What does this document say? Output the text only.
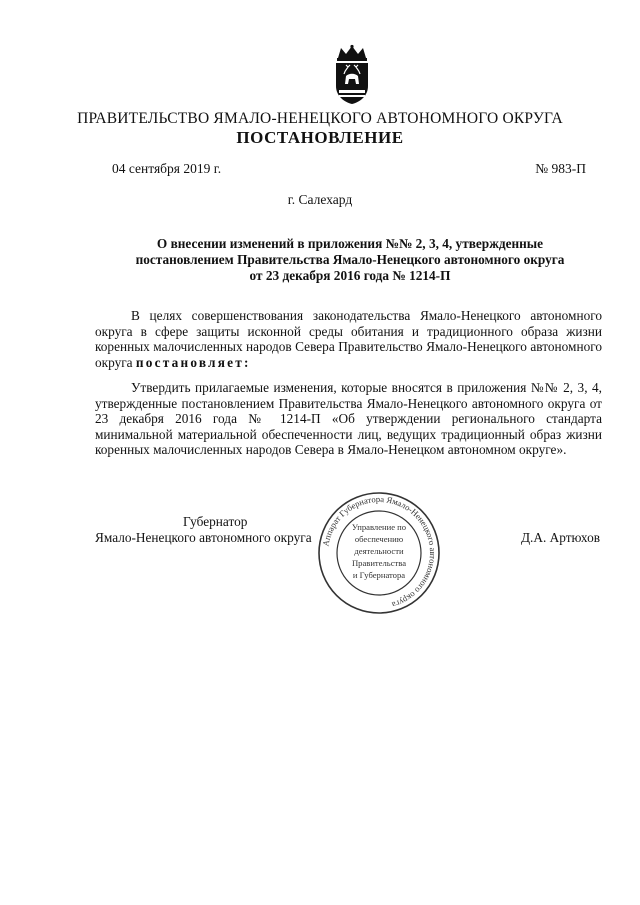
ПРАВИТЕЛЬСТВО ЯМАЛО-НЕНЕЦКОГО АВТОНОМНОГО ОКРУГА
ПОСТАНОВЛЕНИЕ
04 сентября 2019 г.	№ 983-П
г. Салехард
О внесении изменений в приложения №№ 2, 3, 4, утвержденные
постановлением Правительства Ямало-Ненецкого автономного округа
от 23 декабря 2016 года № 1214-П
В целях совершенствования законодательства Ямало-Ненецкого автономного округа в сфере защиты исконной среды обитания и традиционного образа жизни коренных малочисленных народов Севера Правительство Ямало-Ненецкого автономного округа постановляет:
Утвердить прилагаемые изменения, которые вносятся в приложения №№ 2, 3, 4, утвержденные постановлением Правительства Ямало-Ненецкого автономного округа от 23 декабря 2016 года № 1214-П «Об утверждении регионального стандарта минимальной материальной обеспеченности лиц, ведущих традиционный образ жизни коренных малочисленных народов Севера в Ямало-Ненецком автономном округе».
Губернатор
Ямало-Ненецкого автономного округа	Д.А. Артюхов
Аппарат Губернатора Ямало-Ненецкого автономного округа
Управление по
обеспечению
деятельности
Правительства
и Губернатора
